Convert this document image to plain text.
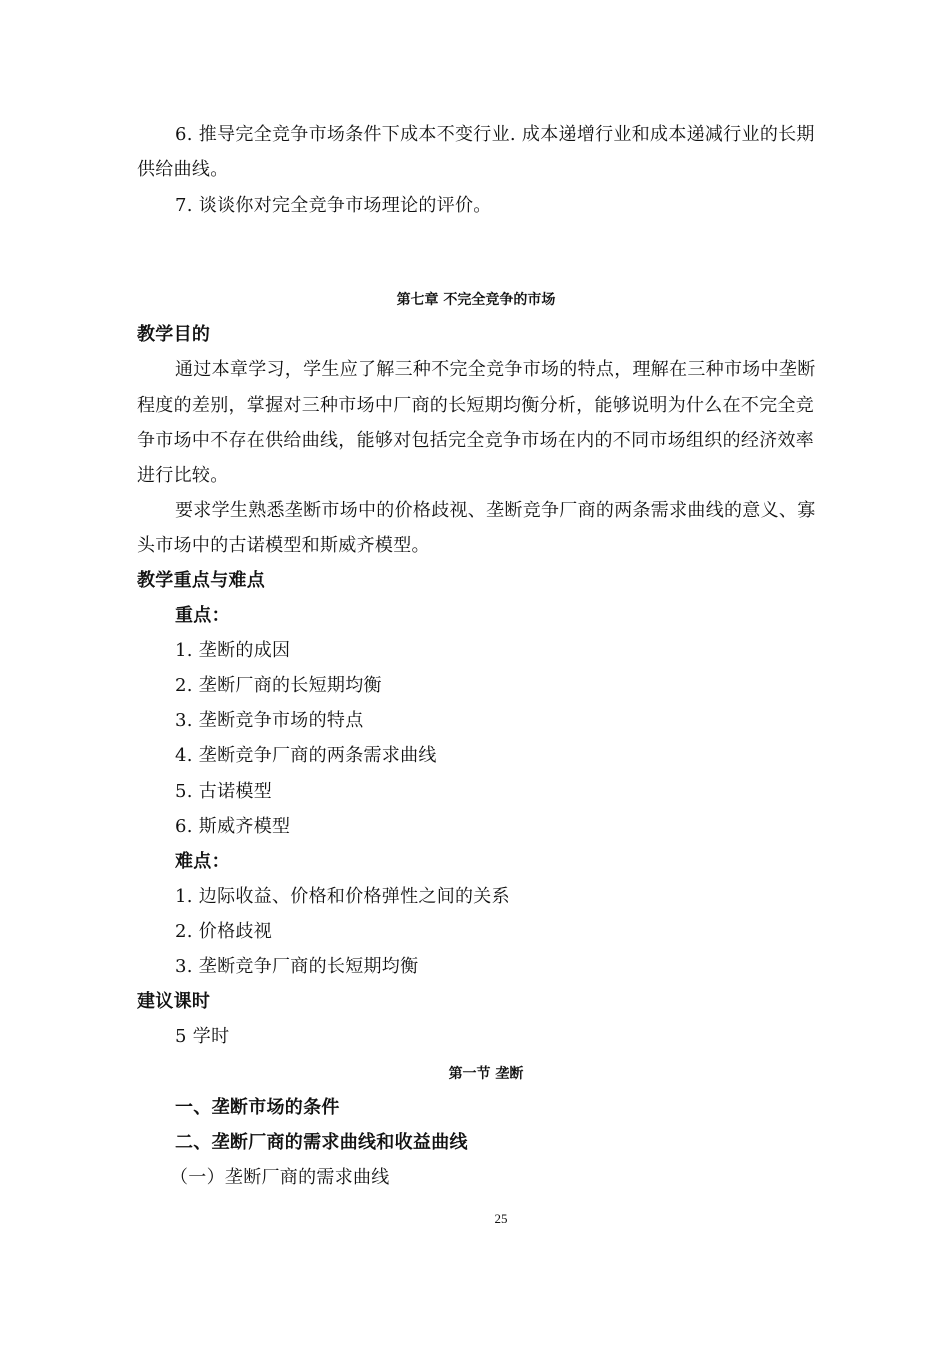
6. 推导完全竞争市场条件下成本不变行业. 成本递增行业和成本递减行业的长期
供给曲线。
7. 谈谈你对完全竞争市场理论的评价。
第七章 不完全竞争的市场
教学目的
通过本章学习，学生应了解三种不完全竞争市场的特点，理解在三种市场中垄断
程度的差别，掌握对三种市场中厂商的长短期均衡分析，能够说明为什么在不完全竞
争市场中不存在供给曲线，能够对包括完全竞争市场在内的不同市场组织的经济效率
进行比较。
要求学生熟悉垄断市场中的价格歧视、垄断竞争厂商的两条需求曲线的意义、寡
头市场中的古诺模型和斯威齐模型。
教学重点与难点
重点：
1. 垄断的成因
2. 垄断厂商的长短期均衡
3. 垄断竞争市场的特点
4. 垄断竞争厂商的两条需求曲线
5. 古诺模型
6. 斯威齐模型
难点：
1. 边际收益、价格和价格弹性之间的关系
2. 价格歧视
3. 垄断竞争厂商的长短期均衡
建议课时
5 学时
第一节 垄断
一、垄断市场的条件
二、垄断厂商的需求曲线和收益曲线
（一）垄断厂商的需求曲线
25
